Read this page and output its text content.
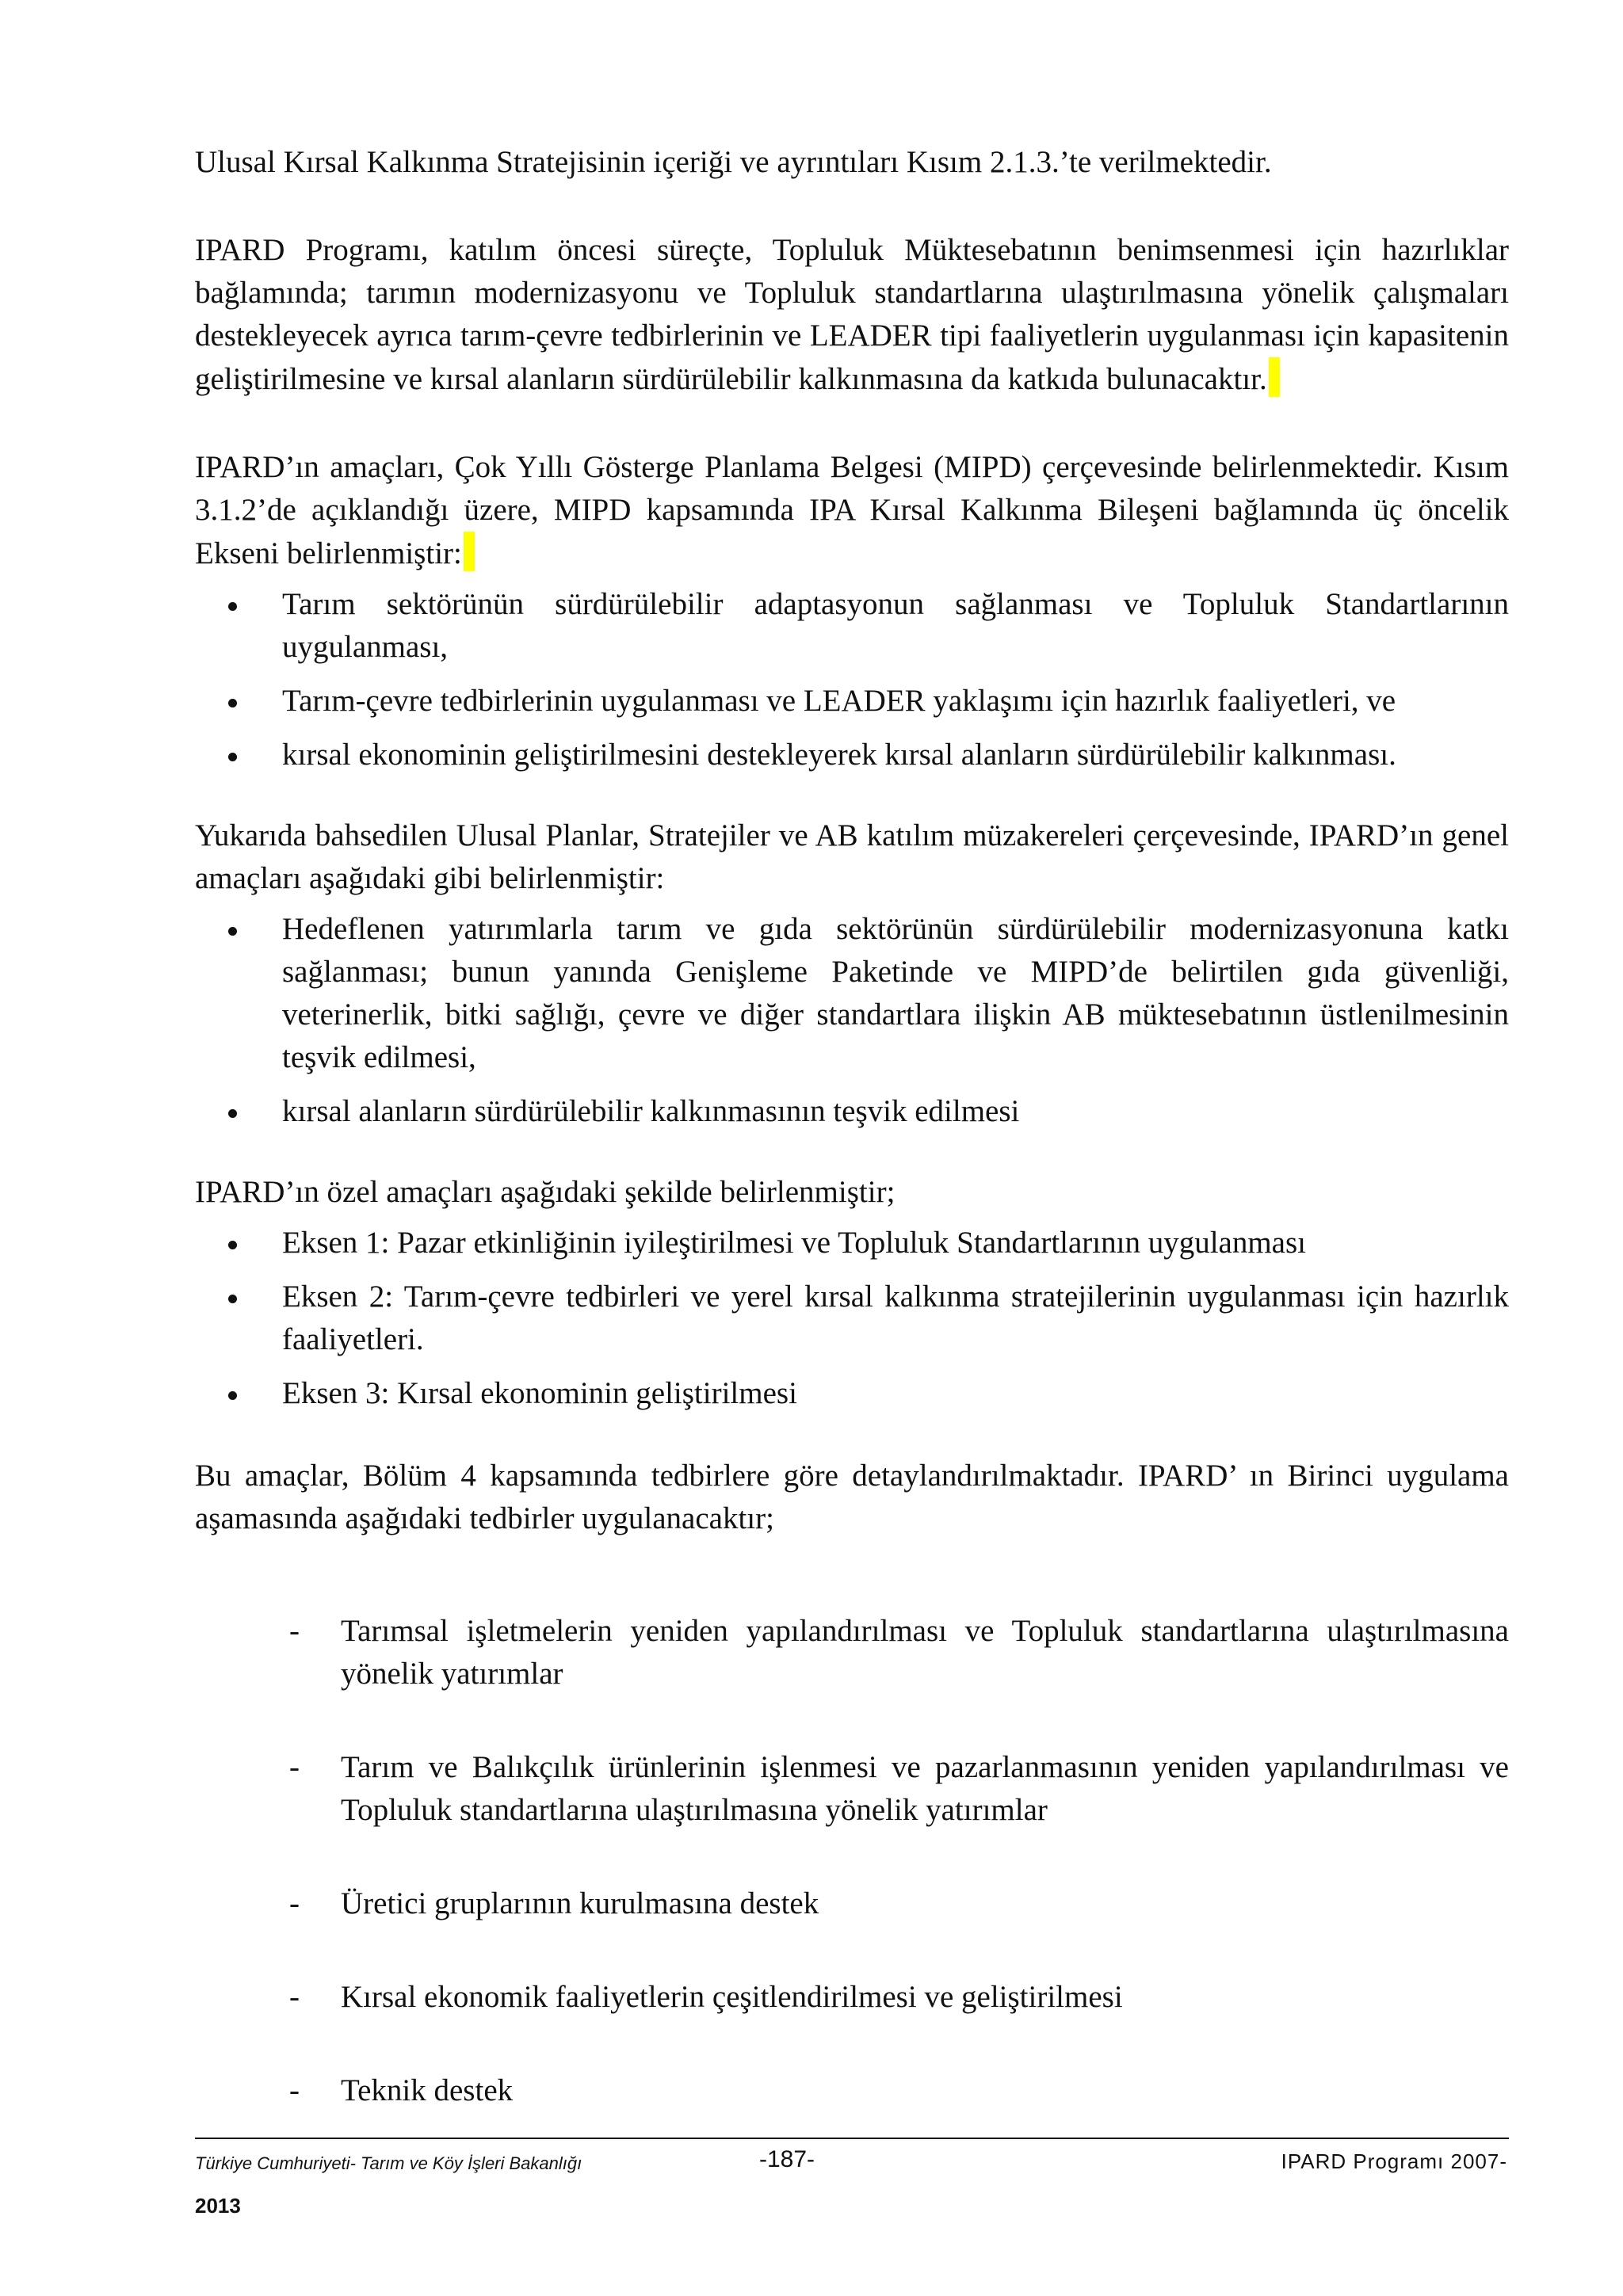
Ulusal Kırsal Kalkınma Stratejisinin içeriği ve ayrıntıları Kısım 2.1.3.’te verilmektedir.

IPARD Programı, katılım öncesi süreçte, Topluluk Müktesebatının benimsenmesi için hazırlıklar bağlamında; tarımın modernizasyonu ve Topluluk standartlarına ulaştırılmasına yönelik çalışmaları destekleyecek ayrıca tarım-çevre tedbirlerinin ve LEADER tipi faaliyetlerin uygulanması için kapasitenin geliştirilmesine ve kırsal alanların sürdürülebilir kalkınmasına da katkıda bulunacaktır.

IPARD’ın amaçları, Çok Yıllı Gösterge Planlama Belgesi (MIPD) çerçevesinde belirlenmektedir. Kısım 3.1.2’de açıklandığı üzere, MIPD kapsamında IPA Kırsal Kalkınma Bileşeni bağlamında üç öncelik Ekseni belirlenmiştir:

Tarım sektörünün sürdürülebilir adaptasyonun sağlanması ve Topluluk Standartlarının uygulanması,
Tarım-çevre tedbirlerinin uygulanması ve LEADER yaklaşımı için hazırlık faaliyetleri, ve
kırsal ekonominin geliştirilmesini destekleyerek kırsal alanların sürdürülebilir kalkınması.

Yukarıda bahsedilen Ulusal Planlar, Stratejiler ve AB katılım müzakereleri çerçevesinde, IPARD’ın genel amaçları aşağıdaki gibi belirlenmiştir:

Hedeflenen yatırımlarla tarım ve gıda sektörünün sürdürülebilir modernizasyonuna katkı sağlanması; bunun yanında Genişleme Paketinde ve MIPD’de belirtilen gıda güvenliği, veterinerlik, bitki sağlığı, çevre ve diğer standartlara ilişkin AB müktesebatının üstlenilmesinin teşvik edilmesi,
kırsal alanların sürdürülebilir kalkınmasının teşvik edilmesi

IPARD’ın özel amaçları aşağıdaki şekilde belirlenmiştir;

Eksen 1: Pazar etkinliğinin iyileştirilmesi ve Topluluk Standartlarının uygulanması
Eksen 2: Tarım-çevre tedbirleri ve yerel kırsal kalkınma stratejilerinin uygulanması için hazırlık faaliyetleri.
Eksen 3: Kırsal ekonominin geliştirilmesi

Bu amaçlar, Bölüm 4 kapsamında tedbirlere göre detaylandırılmaktadır. IPARD’ ın Birinci uygulama aşamasında aşağıdaki tedbirler uygulanacaktır;

- Tarımsal işletmelerin yeniden yapılandırılması ve Topluluk standartlarına ulaştırılmasına yönelik yatırımlar
- Tarım ve Balıkçılık ürünlerinin işlenmesi ve pazarlanmasının yeniden yapılandırılması ve Topluluk standartlarına ulaştırılmasına yönelik yatırımlar
- Üretici gruplarının kurulmasına destek
- Kırsal ekonomik faaliyetlerin çeşitlendirilmesi ve geliştirilmesi
- Teknik destek
Türkiye Cumhuriyeti- Tarım ve Köy İşleri Bakanlığı	-187-	IPARD Programı 2007-
2013
